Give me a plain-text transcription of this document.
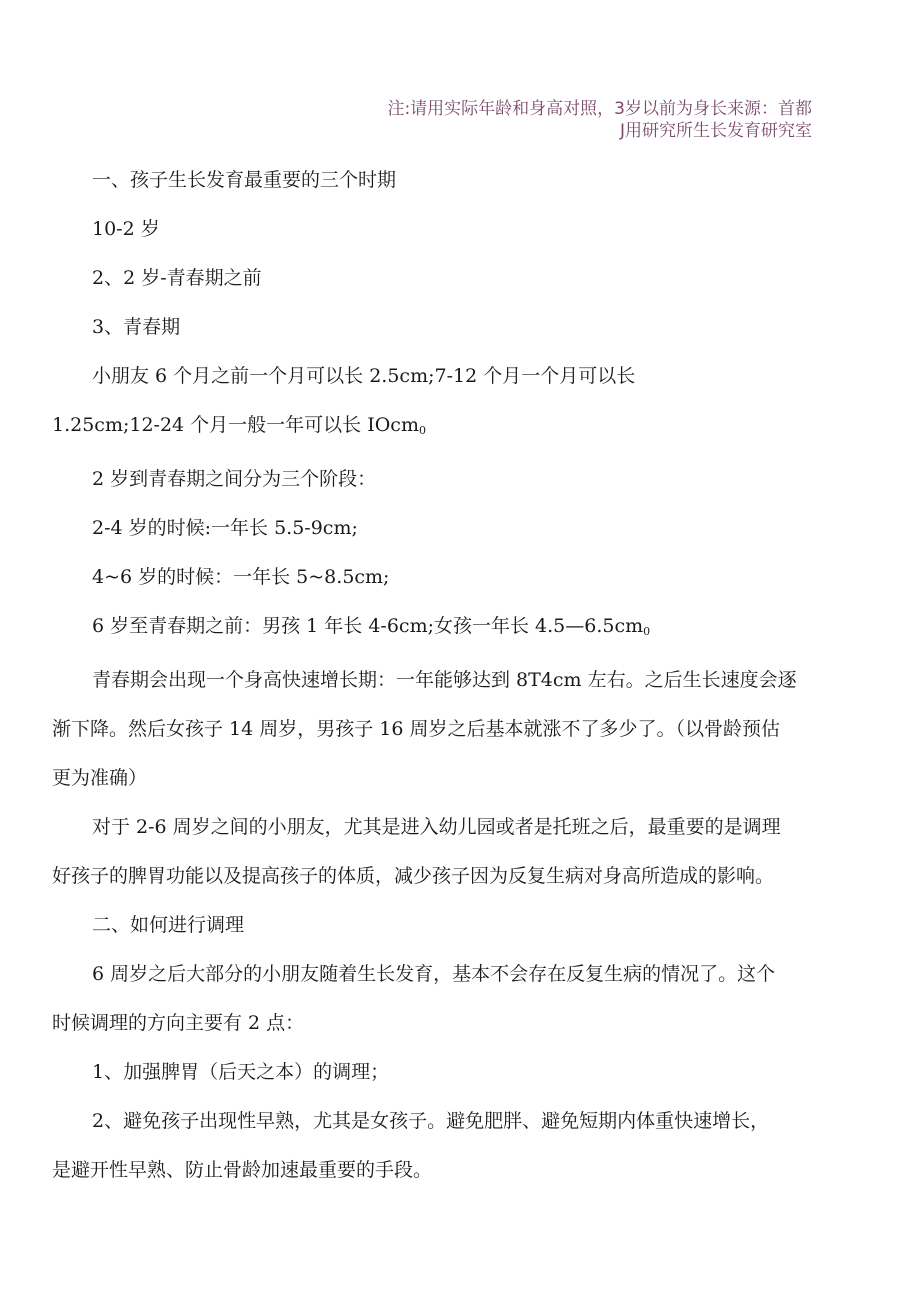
注:请用实际年龄和身高对照，3岁以前为身长来源：首都
J用研究所生长发育研究室

一、孩子生长发育最重要的三个时期

10-2 岁

2、2 岁-青春期之前

3、青春期

小朋友 6 个月之前一个月可以长 2.5cm;7-12 个月一个月可以长

1.25cm;12-24 个月一般一年可以长 IOcm$_0$

2 岁到青春期之间分为三个阶段：

2-4 岁的时候:一年长 5.5-9cm;

4~6 岁的时候：一年长 5~8.5cm;

6 岁至青春期之前：男孩 1 年长 4-6cm;女孩一年长 $4.5—6.5cm_0$

青春期会出现一个身高快速增长期：一年能够达到 8T4cm 左右。之后生长速度会逐

渐下降。然后女孩子 14 周岁，男孩子 16 周岁之后基本就涨不了多少了。（以骨龄预估

更为准确）

对于 2-6 周岁之间的小朋友，尤其是进入幼儿园或者是托班之后，最重要的是调理

好孩子的脾胃功能以及提高孩子的体质，减少孩子因为反复生病对身高所造成的影响。

二、如何进行调理

6 周岁之后大部分的小朋友随着生长发育，基本不会存在反复生病的情况了。这个

时候调理的方向主要有 2 点：

1、加强脾胃（后天之本）的调理；

2、避免孩子出现性早熟，尤其是女孩子。避免肥胖、避免短期内体重快速增长，

是避开性早熟、防止骨龄加速最重要的手段。
